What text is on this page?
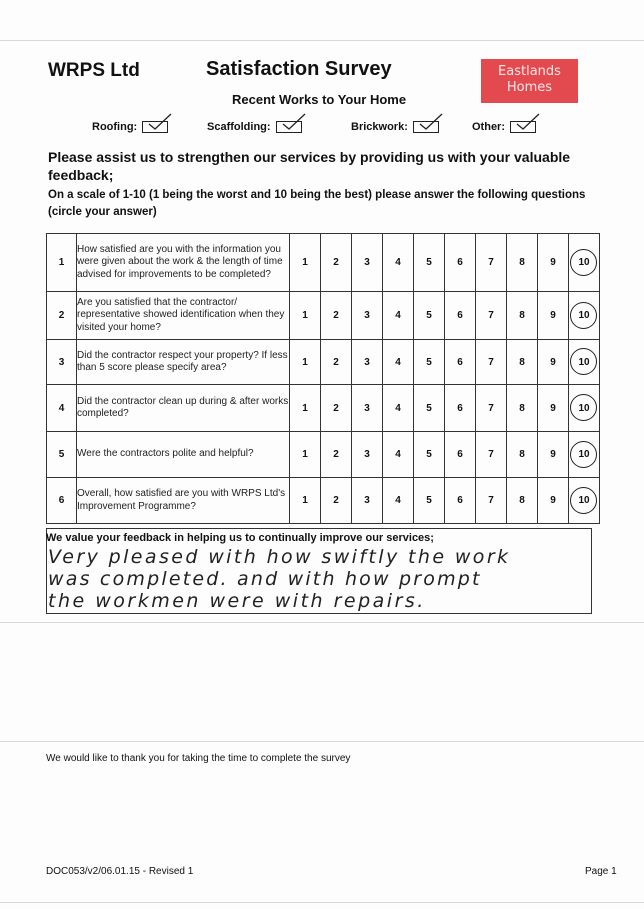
WRPS Ltd	Satisfaction Survey
Recent Works to Your Home
Eastlands
Homes
Roofing:	Scaffolding:	Brickwork:	Other:
Please assist us to strengthen our services by providing us with your valuable feedback;
On a scale of 1-10 (1 being the worst and 10 being the best) please answer the following questions (circle your answer)
1	How satisfied are you with the information you were given about the work & the length of time advised for improvements to be completed?	1	2	3	4	5	6	7	8	9	10
2	Are you satisfied that the contractor/ representative showed identification when they visited your home?	1	2	3	4	5	6	7	8	9	10
3	Did the contractor respect your property? If less than 5 score please specify area?	1	2	3	4	5	6	7	8	9	10
4	Did the contractor clean up during & after works completed?	1	2	3	4	5	6	7	8	9	10
5	Were the contractors polite and helpful?	1	2	3	4	5	6	7	8	9	10
6	Overall, how satisfied are you with WRPS Ltd's Improvement Programme?	1	2	3	4	5	6	7	8	9	10
We value your feedback in helping us to continually improve our services;
Very pleased with how swiftly the work
was completed. and with how prompt
the workmen were with repairs.
We would like to thank you for taking the time to complete the survey
DOC053/v2/06.01.15 - Revised 1	Page 1
